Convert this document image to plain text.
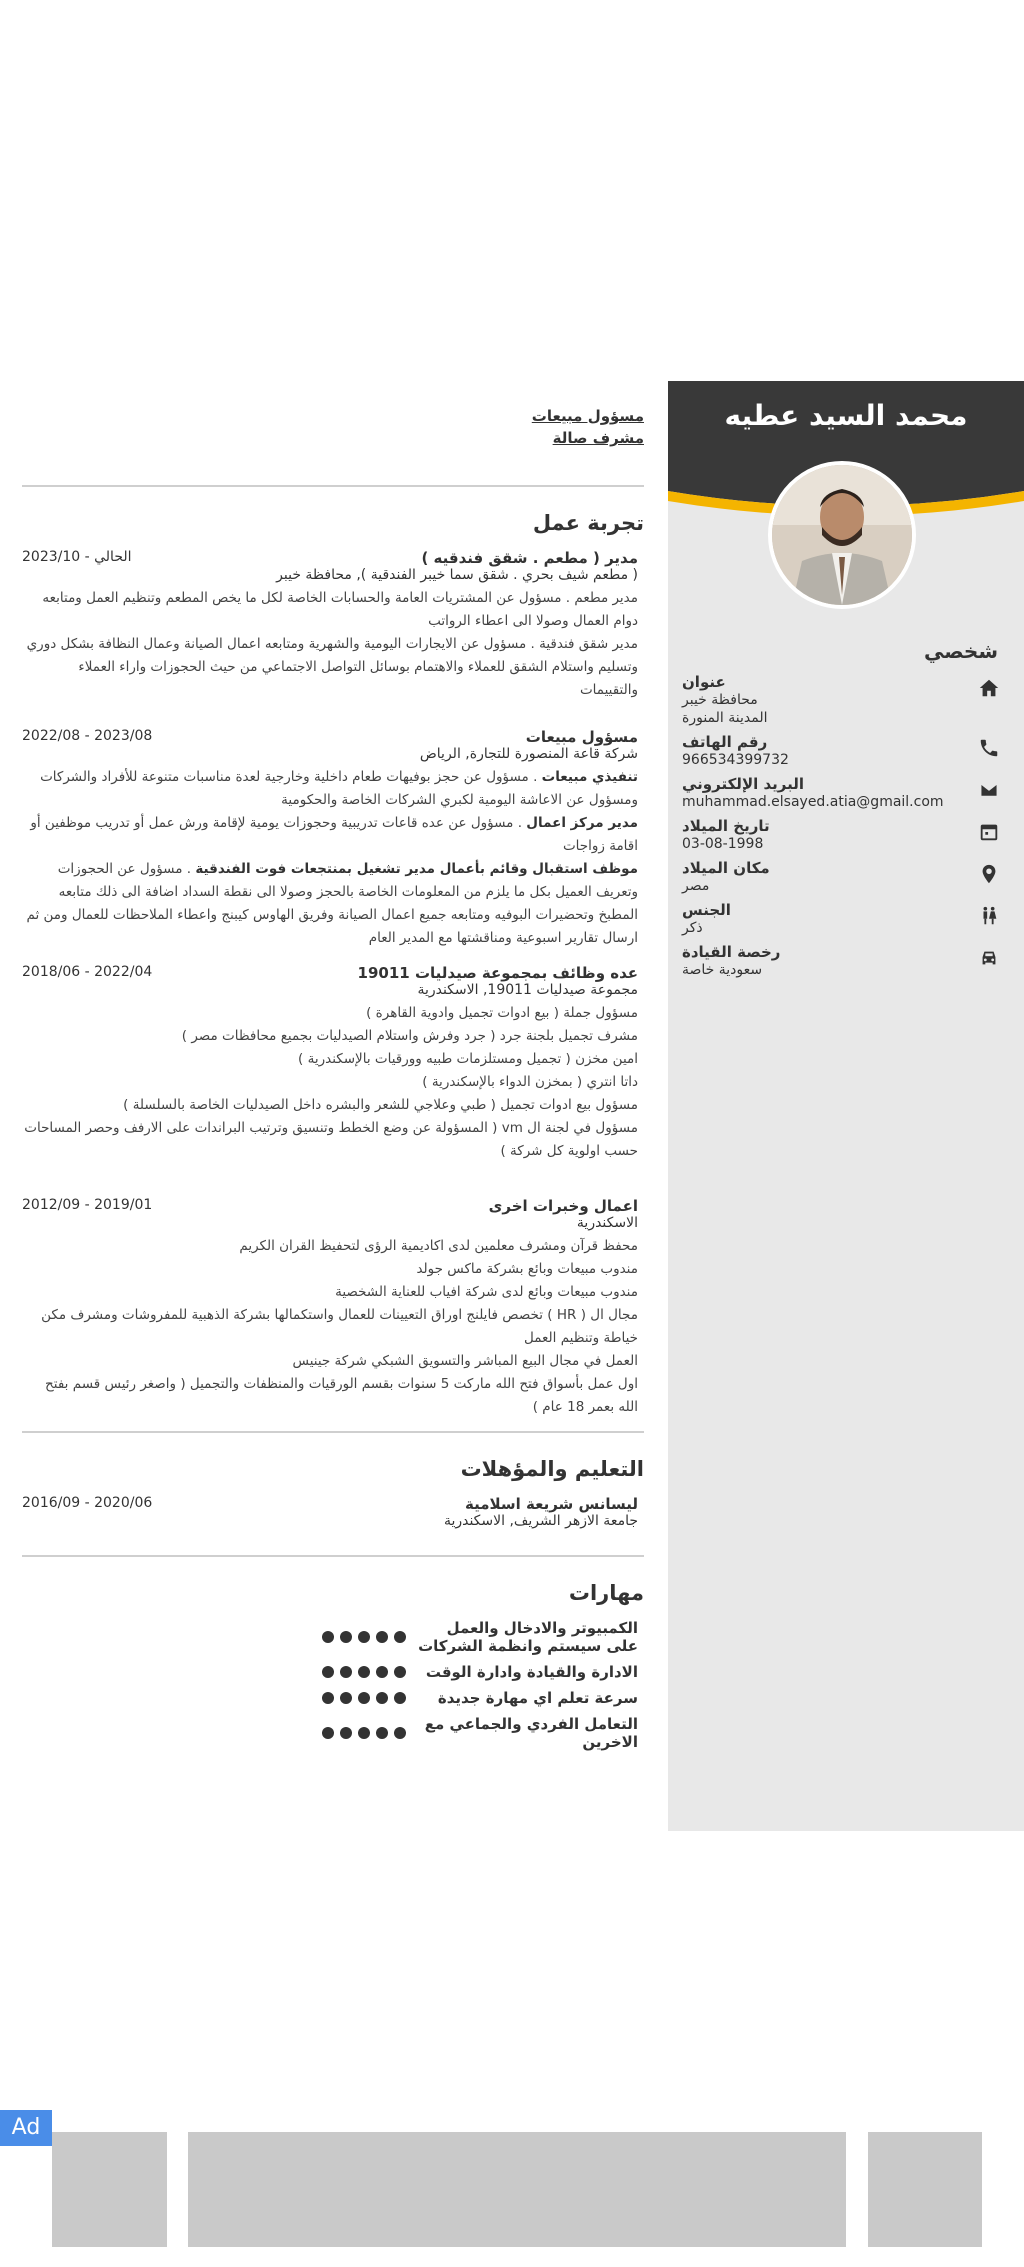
محمد السيد عطيه
شخصي
عنوان
محافظة خيبر
المدينة المنورة
رقم الهاتف
966534399732
البريد الإلكتروني
muhammad.elsayed.atia@gmail.com
تاريخ الميلاد
03-08-1998
مكان الميلاد
مصر
الجنس
ذكر
رخصة القيادة
سعودية خاصة
مسؤول مبيعات
مشرف صالة
تجربة عمل
2023/10 - الحالي	مدير ( مطعم . شقق فندقيه )
( مطعم شيف بحري . شقق سما خيبر الفندقية ), محافظة خيبر
مدير مطعم . مسؤول عن المشتريات العامة والحسابات الخاصة لكل ما يخص المطعم وتنظيم العمل ومتابعه دوام العمال وصولا الى اعطاء الرواتب
مدير شقق فندقية . مسؤول عن الايجارات اليومية والشهرية ومتابعه اعمال الصيانة وعمال النظافة بشكل دوري وتسليم واستلام الشقق للعملاء والاهتمام بوسائل التواصل الاجتماعي من حيث الحجوزات واراء العملاء والتقييمات
2022/08 - 2023/08	مسؤول مبيعات
شركة قاعة المنصورة للتجارة, الرياض
تنفيذي مبيعات . مسؤول عن حجز بوفيهات طعام داخلية وخارجية لعدة مناسبات متنوعة للأفراد والشركات ومسؤول عن الاعاشة اليومية لكبري الشركات الخاصة والحكومية
مدير مركز اعمال . مسؤول عن عده قاعات تدريبية وحجوزات يومية لإقامة ورش عمل أو تدريب موظفين أو اقامة زواجات
موظف استقبال وقائم بأعمال مدير تشغيل بمنتجعات فوت الفندقية . مسؤول عن الحجوزات وتعريف العميل بكل ما يلزم من المعلومات الخاصة بالحجز وصولا الى نقطة السداد اضافة الى ذلك متابعه المطبخ وتحضيرات البوفيه ومتابعه جميع اعمال الصيانة وفريق الهاوس كيبنج واعطاء الملاحظات للعمال ومن ثم ارسال تقارير اسبوعية ومناقشتها مع المدير العام
2018/06 - 2022/04	عده وظائف بمجموعة صيدليات 19011
مجموعة صيدليات 19011, الاسكندرية
مسؤول جملة ( بيع ادوات تجميل وادوية القاهرة )
مشرف تجميل بلجنة جرد ( جرد وفرش واستلام الصيدليات بجميع محافظات مصر )
امين مخزن ( تجميل ومستلزمات طبيه وورقيات بالإسكندرية )
داتا انتري ( بمخزن الدواء بالإسكندرية )
مسؤول بيع ادوات تجميل ( طبي وعلاجي للشعر والبشره داخل الصيدليات الخاصة بالسلسلة )
مسؤول في لجنة ال vm ( المسؤولة عن وضع الخطط وتنسيق وترتيب البراندات على الارفف وحصر المساحات حسب اولوية كل شركة )
2012/09 - 2019/01	اعمال وخبرات اخرى
الاسكندرية
محفظ قرآن ومشرف معلمين لدى اكاديمية الرؤى لتحفيظ القران الكريم
مندوب مبيعات وبائع بشركة ماكس جولد
مندوب مبيعات وبائع لدى شركة افياب للعناية الشخصية
مجال ال ( HR ) تخصص فايلنج اوراق التعيينات للعمال واستكمالها بشركة الذهبية للمفروشات ومشرف مكن خياطة وتنظيم العمل
العمل في مجال البيع المباشر والتسويق الشبكي شركة جينيس
اول عمل بأسواق فتح الله ماركت 5 سنوات بقسم الورقيات والمنظفات والتجميل ( واصغر رئيس قسم بفتح الله بعمر 18 عام )
التعليم والمؤهلات
2016/09 - 2020/06	ليسانس شريعة اسلامية
جامعة الازهر الشريف, الاسكندرية
مهارات
الكمبيوتر والادخال والعمل على سيستم وانظمة الشركات
الادارة والقيادة وادارة الوقت
سرعة تعلم اي مهارة جديدة
التعامل الفردي والجماعي مع الاخرين
Ad
